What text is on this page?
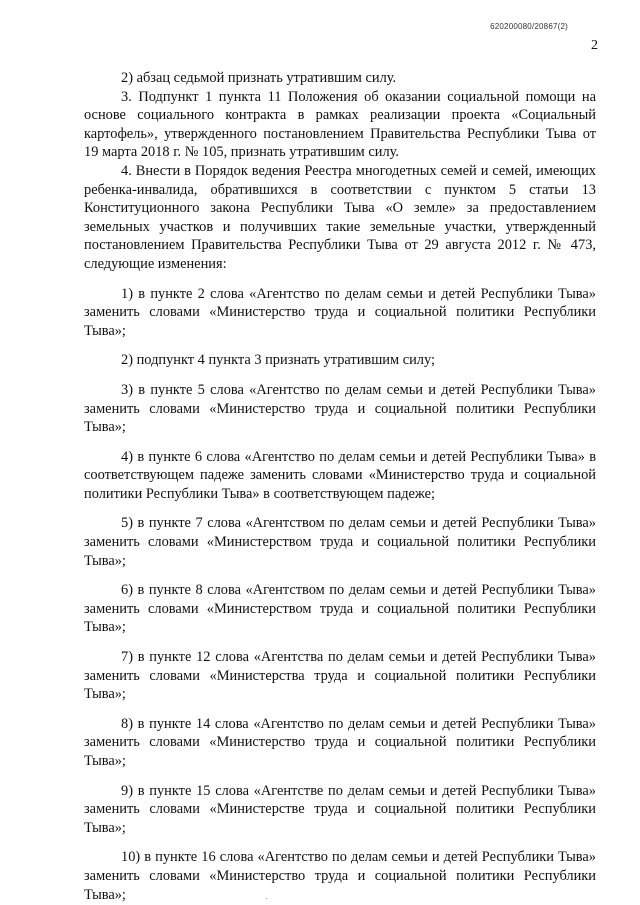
620200080/20867(2)
2

2) абзац седьмой признать утратившим силу.

3. Подпункт 1 пункта 11 Положения об оказании социальной помощи на основе социального контракта в рамках реализации проекта «Социальный картофель», утвержденного постановлением Правительства Республики Тыва от 19 марта 2018 г. № 105, признать утратившим силу.

4. Внести в Порядок ведения Реестра многодетных семей и семей, имеющих ребенка-инвалида, обратившихся в соответствии с пунктом 5 статьи 13 Конституционного закона Республики Тыва «О земле» за предоставлением земельных участков и получивших такие земельные участки, утвержденный постановлением Правительства Республики Тыва от 29 августа 2012 г. № 473, следующие изменения:

1) в пункте 2 слова «Агентство по делам семьи и детей Республики Тыва» заменить словами «Министерство труда и социальной политики Республики Тыва»;

2) подпункт 4 пункта 3 признать утратившим силу;

3) в пункте 5 слова «Агентство по делам семьи и детей Республики Тыва» заменить словами «Министерство труда и социальной политики Республики Тыва»;

4) в пункте 6 слова «Агентство по делам семьи и детей Республики Тыва» в соответствующем падеже заменить словами «Министерство труда и социальной политики Республики Тыва» в соответствующем падеже;

5) в пункте 7 слова «Агентством по делам семьи и детей Республики Тыва» заменить словами «Министерством труда и социальной политики Республики Тыва»;

6) в пункте 8 слова «Агентством по делам семьи и детей Республики Тыва» заменить словами «Министерством труда и социальной политики Республики Тыва»;

7) в пункте 12 слова «Агентства по делам семьи и детей Республики Тыва» заменить словами «Министерства труда и социальной политики Республики Тыва»;

8) в пункте 14 слова «Агентство по делам семьи и детей Республики Тыва» заменить словами «Министерство труда и социальной политики Республики Тыва»;

9) в пункте 15 слова «Агентстве по делам семьи и детей Республики Тыва» заменить словами «Министерстве труда и социальной политики Республики Тыва»;

10) в пункте 16 слова «Агентство по делам семьи и детей Республики Тыва» заменить словами «Министерство труда и социальной политики Республики Тыва»;
